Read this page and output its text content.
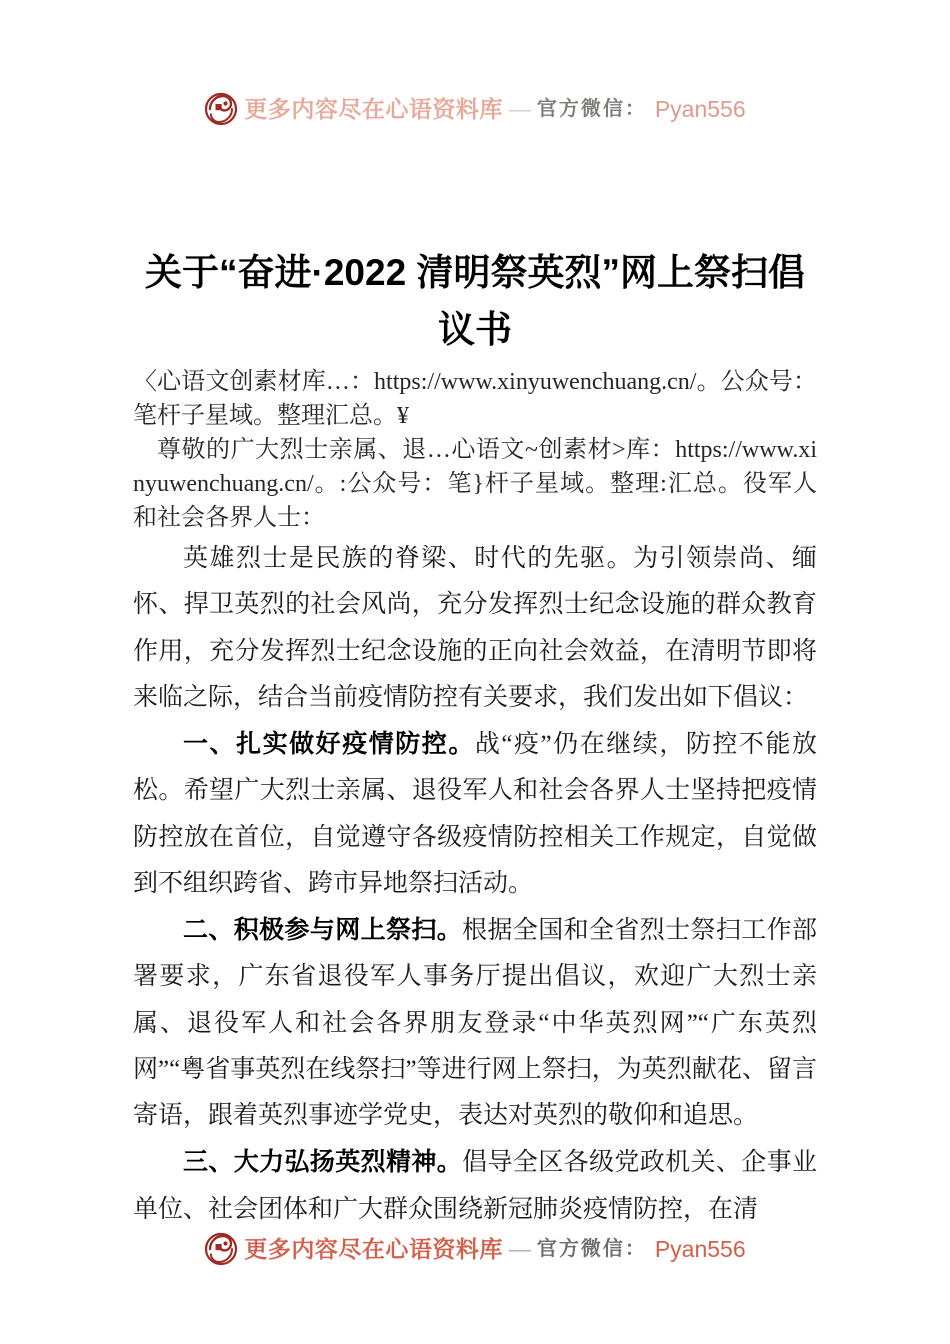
更多内容尽在心语资料库 — 官方微信： Pyan556
关于“奋进·2022 清明祭英烈”网上祭扫倡议书

〈心语文创素材库…：https://www.xinyuwenchuang.cn/。公众号：笔杆子星域。整理汇总。¥

尊敬的广大烈士亲属、退…心语文~创素材>库：https://www.xinyuwenchuang.cn/。:公众号：笔}杆子星域。整理:汇总。役军人和社会各界人士：

英雄烈士是民族的脊梁、时代的先驱。为引领崇尚、缅怀、捍卫英烈的社会风尚，充分发挥烈士纪念设施的群众教育作用，充分发挥烈士纪念设施的正向社会效益，在清明节即将来临之际，结合当前疫情防控有关要求，我们发出如下倡议：

一、扎实做好疫情防控。战“疫”仍在继续，防控不能放松。希望广大烈士亲属、退役军人和社会各界人士坚持把疫情防控放在首位，自觉遵守各级疫情防控相关工作规定，自觉做到不组织跨省、跨市异地祭扫活动。

二、积极参与网上祭扫。根据全国和全省烈士祭扫工作部署要求，广东省退役军人事务厅提出倡议，欢迎广大烈士亲属、退役军人和社会各界朋友登录“中华英烈网”“广东英烈网”“粤省事英烈在线祭扫”等进行网上祭扫，为英烈献花、留言寄语，跟着英烈事迹学党史，表达对英烈的敬仰和追思。

三、大力弘扬英烈精神。倡导全区各级党政机关、企事业单位、社会团体和广大群众围绕新冠肺炎疫情防控，在清

更多内容尽在心语资料库 — 官方微信： Pyan556
